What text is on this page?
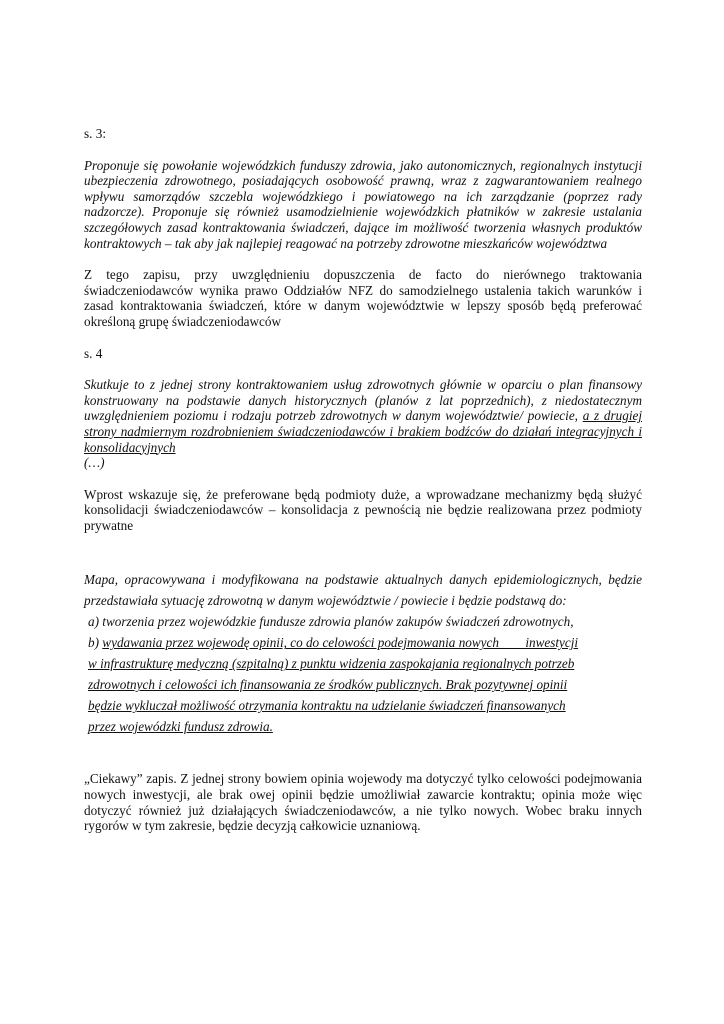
s. 3:

Proponuje się powołanie wojewódzkich funduszy zdrowia, jako autonomicznych, regionalnych instytucji ubezpieczenia zdrowotnego, posiadających osobowość prawną, wraz z zagwarantowaniem realnego wpływu samorządów szczebla wojewódzkiego i powiatowego na ich zarządzanie (poprzez rady nadzorcze). Proponuje się również usamodzielnienie wojewódzkich płatników w zakresie ustalania szczegółowych zasad kontraktowania świadczeń, dające im możliwość tworzenia własnych produktów kontraktowych – tak aby jak najlepiej reagować na potrzeby zdrowotne mieszkańców województwa

Z tego zapisu, przy uwzględnieniu dopuszczenia de facto do nierównego traktowania świadczeniodawców wynika prawo Oddziałów NFZ do samodzielnego ustalenia takich warunków i zasad kontraktowania świadczeń, które w danym województwie w lepszy sposób będą preferować określoną grupę świadczeniodawców

s. 4

Skutkuje to z jednej strony kontraktowaniem usług zdrowotnych głównie w oparciu o plan finansowy konstruowany na podstawie danych historycznych (planów z lat poprzednich), z niedostatecznym uwzględnieniem poziomu i rodzaju potrzeb zdrowotnych w danym województwie/ powiecie, a z drugiej strony nadmiernym rozdrobnieniem świadczeniodawców i brakiem bodźców do działań integracyjnych i konsolidacyjnych

(…)

Wprost wskazuje się, że preferowane będą podmioty duże, a wprowadzane mechanizmy będą służyć konsolidacji świadczeniodawców – konsolidacja z pewnością nie będzie realizowana przez podmioty prywatne

Mapa, opracowywana i modyfikowana na podstawie aktualnych danych epidemiologicznych, będzie przedstawiała sytuację zdrowotną w danym województwie / powiecie i będzie podstawą do:

a) tworzenia przez wojewódzkie fundusze zdrowia planów zakupów świadczeń zdrowotnych,
b) wydawania przez wojewodę opinii, co do celowości podejmowania nowych        inwestycji
w infrastrukturę medyczną (szpitalną) z punktu widzenia zaspokajania regionalnych potrzeb
zdrowotnych i celowości ich finansowania ze środków publicznych. Brak pozytywnej opinii
będzie wykluczał możliwość otrzymania kontraktu na udzielanie świadczeń finansowanych
przez wojewódzki fundusz zdrowia.

„Ciekawy” zapis. Z jednej strony bowiem opinia wojewody ma dotyczyć tylko celowości podejmowania nowych inwestycji, ale brak owej opinii będzie umożliwiał zawarcie kontraktu; opinia może więc dotyczyć również już działających świadczeniodawców, a nie tylko nowych. Wobec braku innych rygorów w tym zakresie, będzie decyzją całkowicie uznaniową.
